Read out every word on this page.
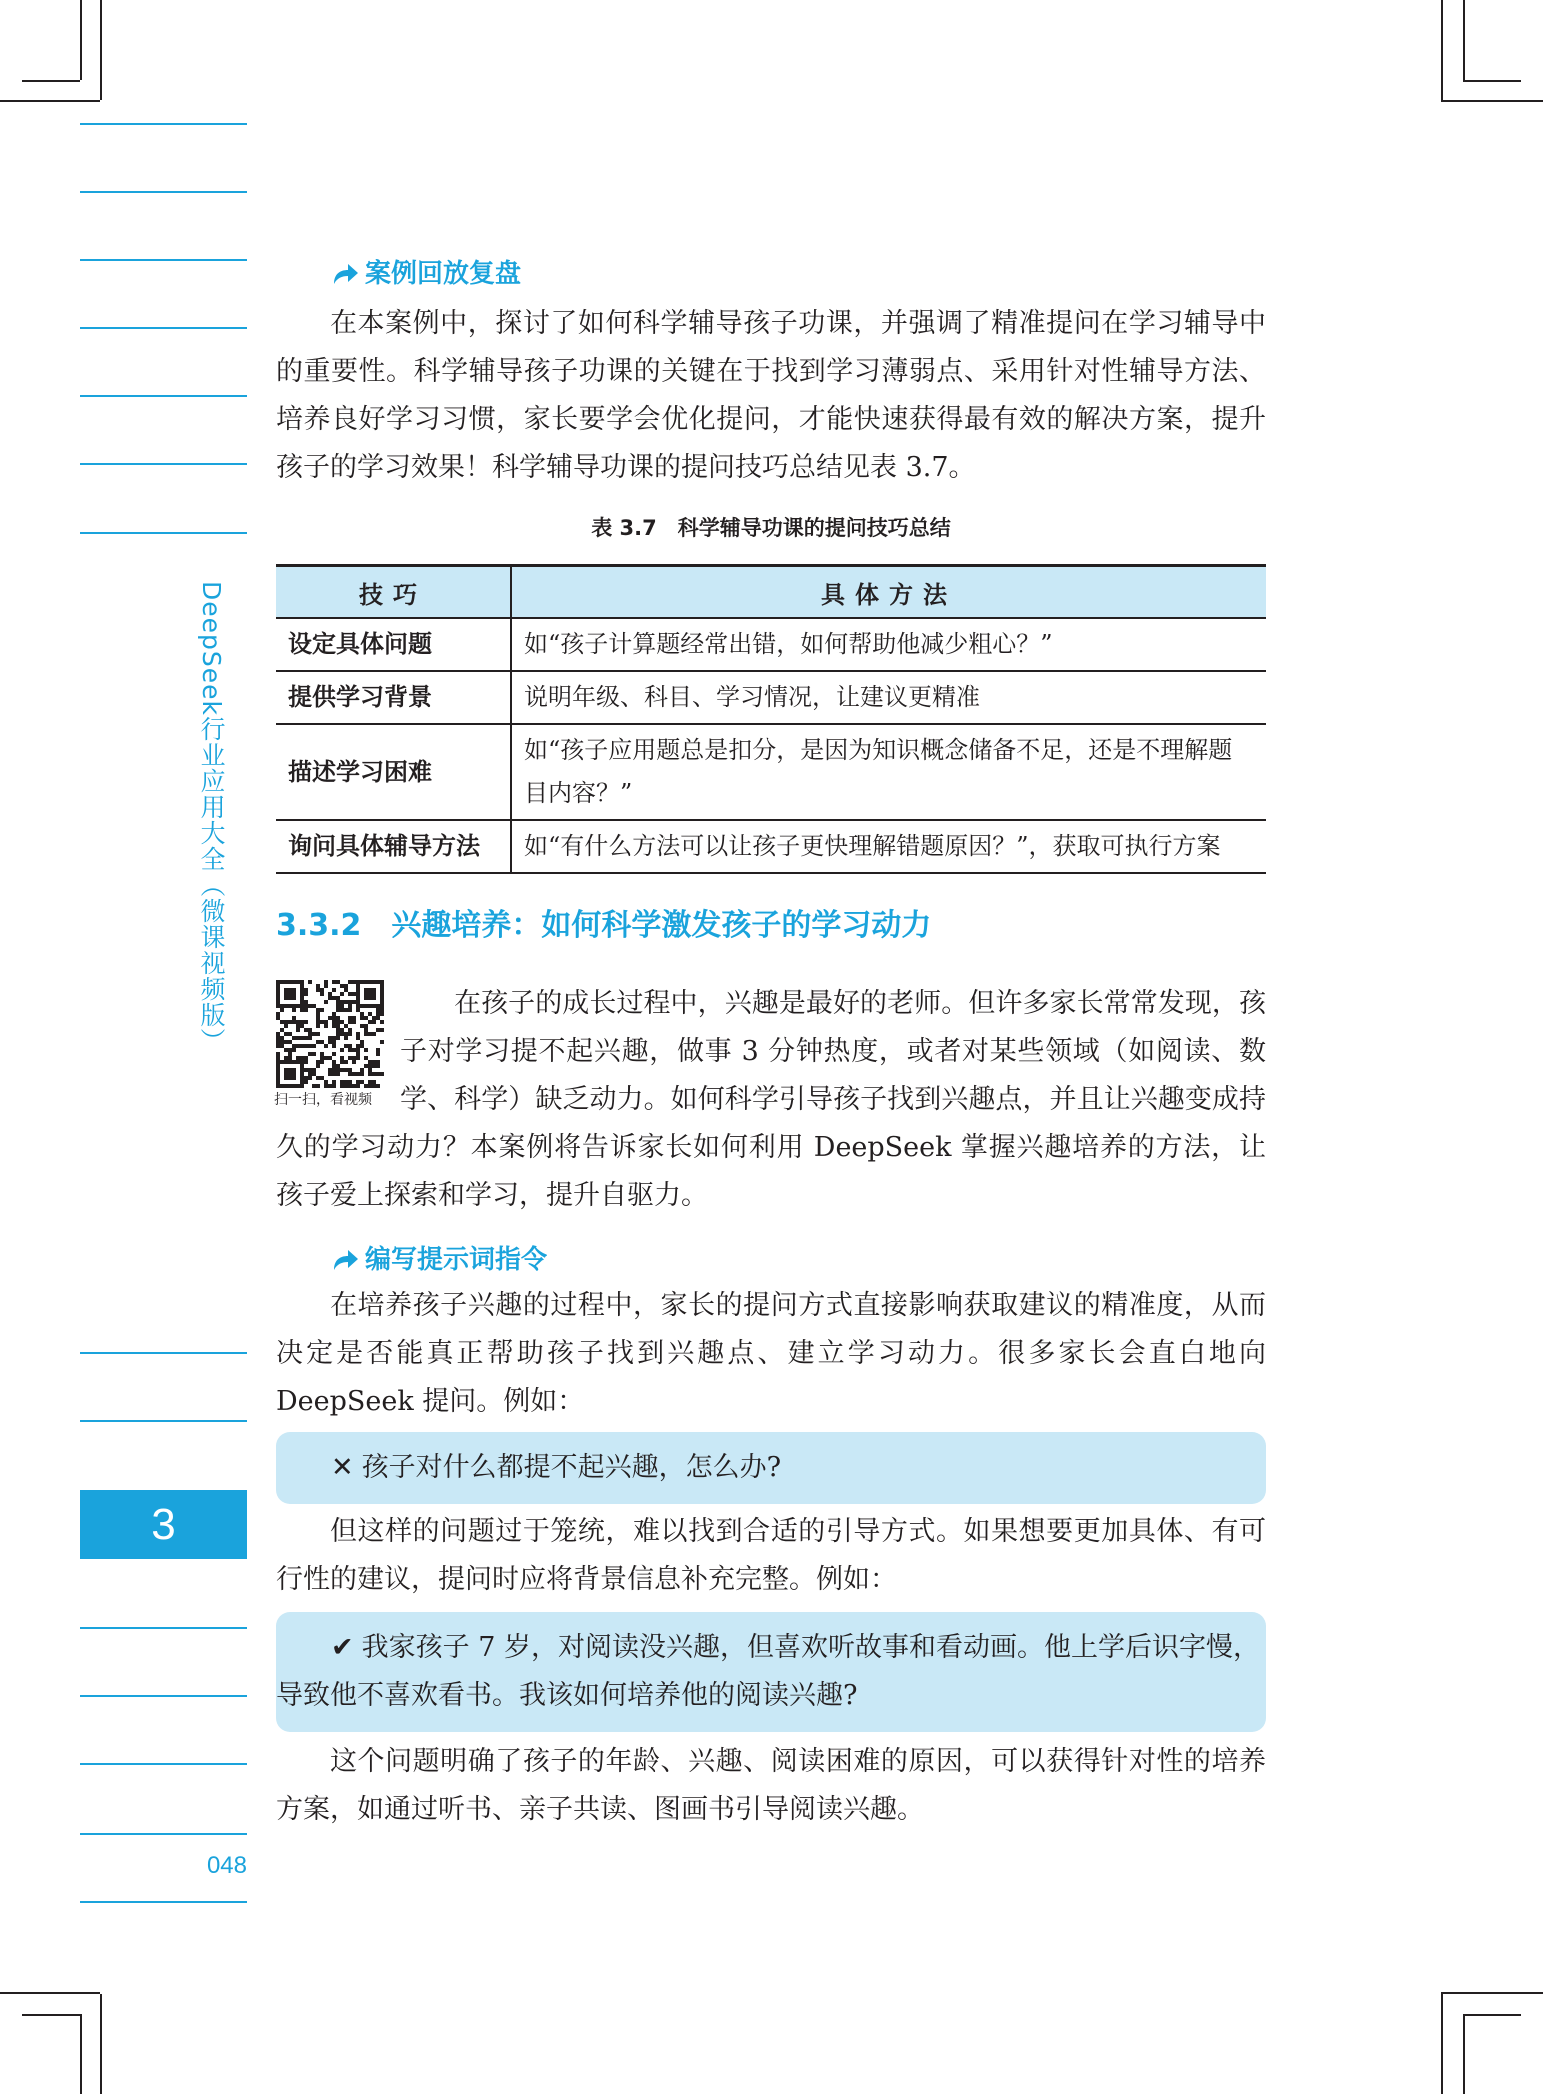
DeepSeek行业应用大全（微课视频版）
3
048
案例回放复盘

在本案例中，探讨了如何科学辅导孩子功课，并强调了精准提问在学习辅导中的重要性。科学辅导孩子功课的关键在于找到学习薄弱点、采用针对性辅导方法、培养良好学习习惯，家长要学会优化提问，才能快速获得最有效的解决方案，提升孩子的学习效果！科学辅导功课的提问技巧总结见表 3.7。

表 3.7　科学辅导功课的提问技巧总结
技巧	具体方法
设定具体问题	如“孩子计算题经常出错，如何帮助他减少粗心？”
提供学习背景	说明年级、科目、学习情况，让建议更精准
描述学习困难	如“孩子应用题总是扣分，是因为知识概念储备不足，还是不理解题目内容？”
询问具体辅导方法	如“有什么方法可以让孩子更快理解错题原因？”，获取可执行方案
3.3.2　兴趣培养：如何科学激发孩子的学习动力
扫一扫，看视频

在孩子的成长过程中，兴趣是最好的老师。但许多家长常常发现，孩子对学习提不起兴趣，做事 3 分钟热度，或者对某些领域（如阅读、数学、科学）缺乏动力。如何科学引导孩子找到兴趣点，并且让兴趣变成持久的学习动力？本案例将告诉家长如何利用 DeepSeek 掌握兴趣培养的方法，让孩子爱上探索和学习，提升自驱力。

编写提示词指令

在培养孩子兴趣的过程中，家长的提问方式直接影响获取建议的精准度，从而决定是否能真正帮助孩子找到兴趣点、建立学习动力。很多家长会直白地向 DeepSeek 提问。例如：

✕ 孩子对什么都提不起兴趣，怎么办?

但这样的问题过于笼统，难以找到合适的引导方式。如果想要更加具体、有可行性的建议，提问时应将背景信息补充完整。例如：

✔ 我家孩子 7 岁，对阅读没兴趣，但喜欢听故事和看动画。他上学后识字慢，导致他不喜欢看书。我该如何培养他的阅读兴趣?

这个问题明确了孩子的年龄、兴趣、阅读困难的原因，可以获得针对性的培养方案，如通过听书、亲子共读、图画书引导阅读兴趣。
